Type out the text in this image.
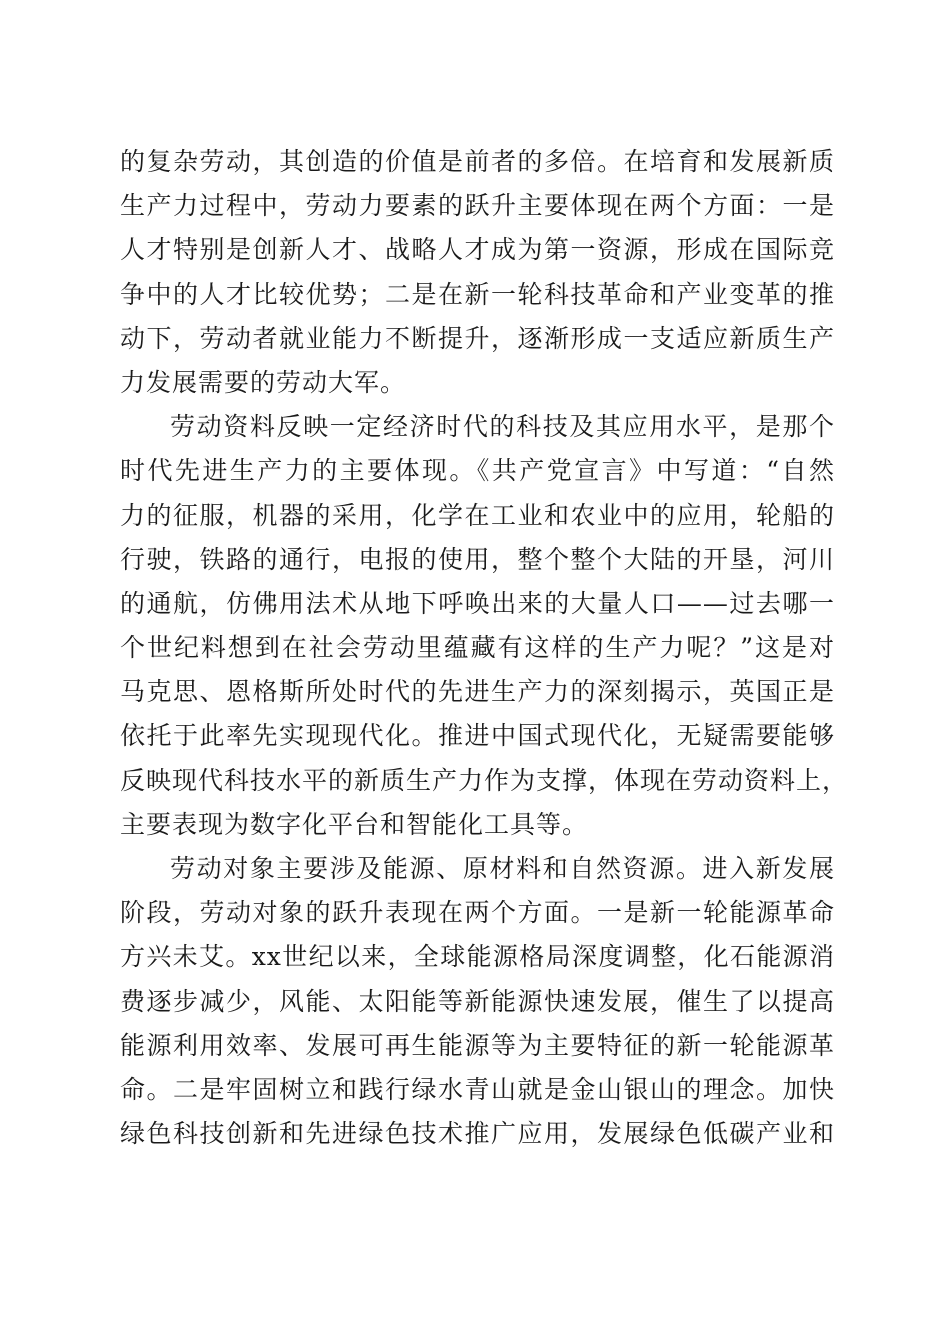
的复杂劳动，其创造的价值是前者的多倍。在培育和发展新质
生产力过程中，劳动力要素的跃升主要体现在两个方面：一是
人才特别是创新人才、战略人才成为第一资源，形成在国际竞
争中的人才比较优势；二是在新一轮科技革命和产业变革的推
动下，劳动者就业能力不断提升，逐渐形成一支适应新质生产
力发展需要的劳动大军。
劳动资料反映一定经济时代的科技及其应用水平，是那个
时代先进生产力的主要体现。《共产党宣言》中写道：“自然
力的征服，机器的采用，化学在工业和农业中的应用，轮船的
行驶，铁路的通行，电报的使用，整个整个大陆的开垦，河川
的通航，仿佛用法术从地下呼唤出来的大量人口——过去哪一
个世纪料想到在社会劳动里蕴藏有这样的生产力呢？”这是对
马克思、恩格斯所处时代的先进生产力的深刻揭示，英国正是
依托于此率先实现现代化。推进中国式现代化，无疑需要能够
反映现代科技水平的新质生产力作为支撑，体现在劳动资料上，
主要表现为数字化平台和智能化工具等。
劳动对象主要涉及能源、原材料和自然资源。进入新发展
阶段，劳动对象的跃升表现在两个方面。一是新一轮能源革命
方兴未艾。xx世纪以来，全球能源格局深度调整，化石能源消
费逐步减少，风能、太阳能等新能源快速发展，催生了以提高
能源利用效率、发展可再生能源等为主要特征的新一轮能源革
命。二是牢固树立和践行绿水青山就是金山银山的理念。加快
绿色科技创新和先进绿色技术推广应用，发展绿色低碳产业和
